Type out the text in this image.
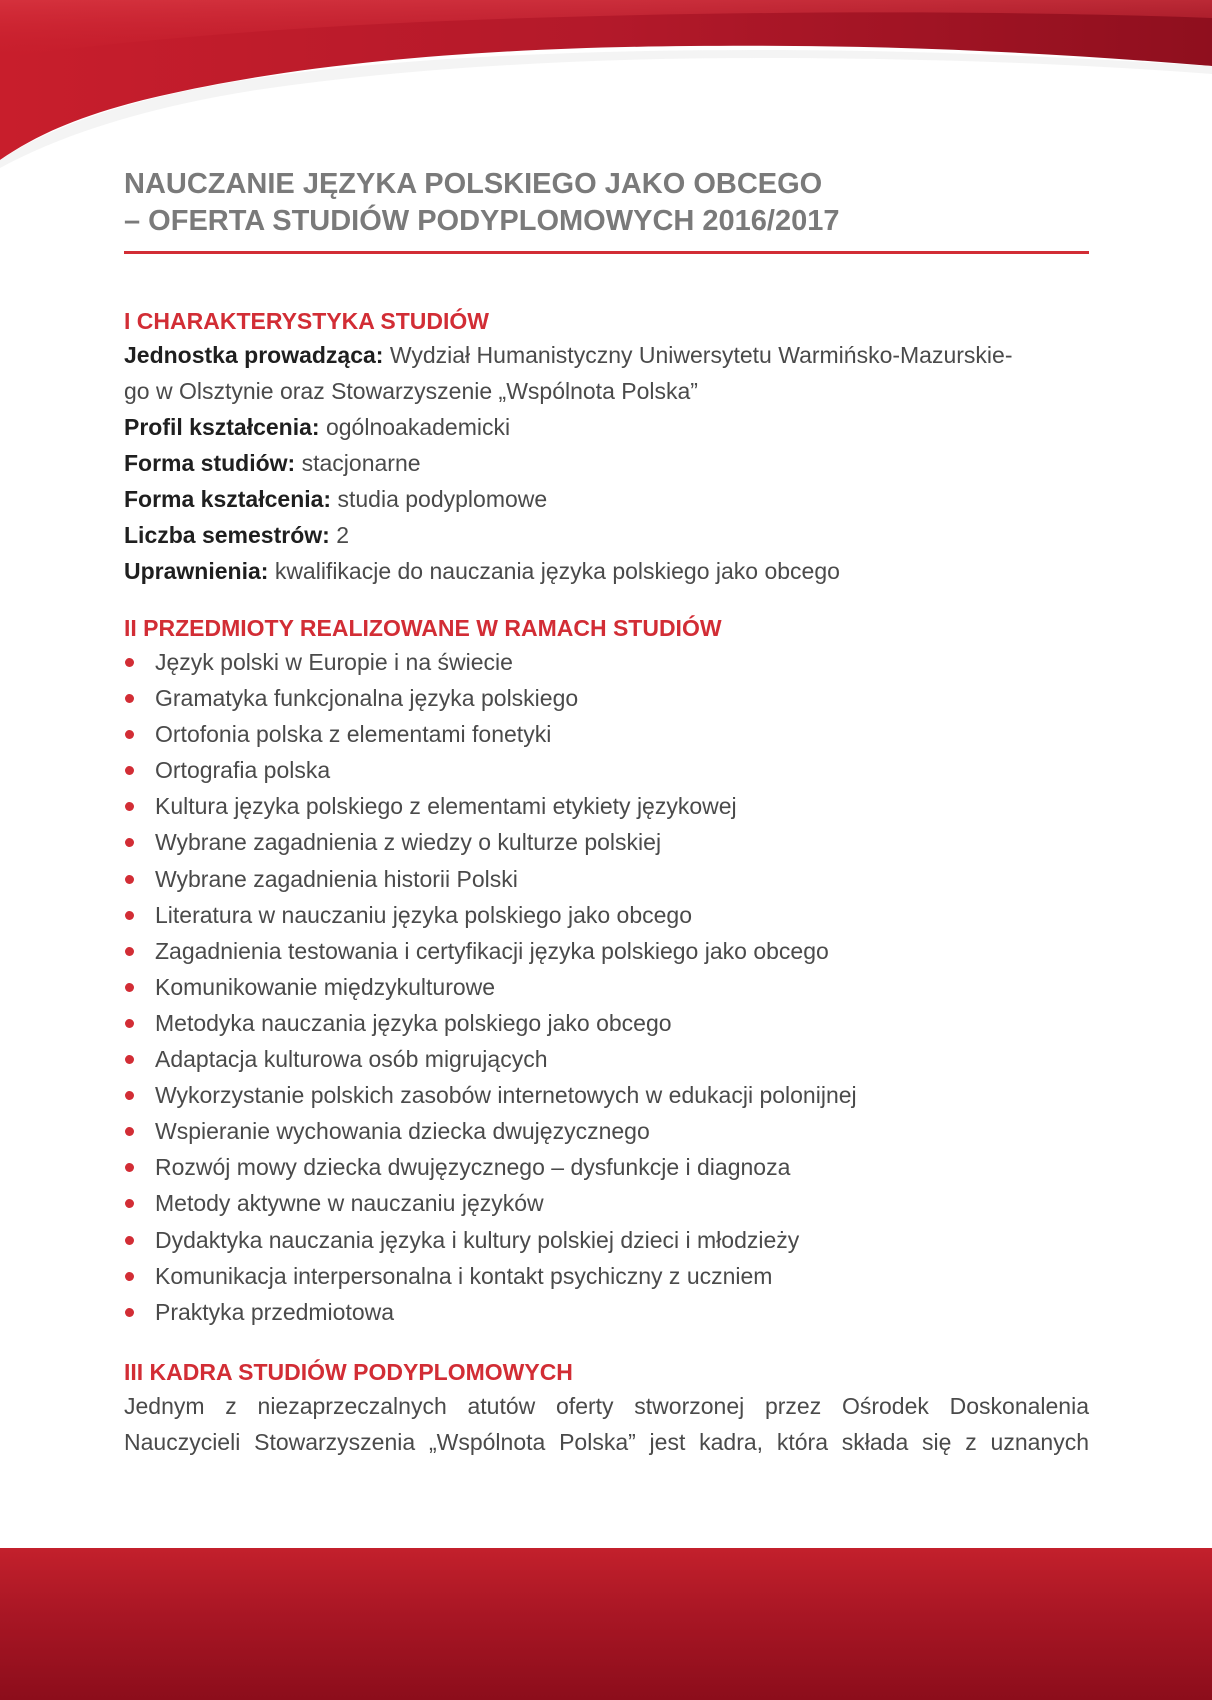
NAUCZANIE JĘZYKA POLSKIEGO JAKO OBCEGO
– OFERTA STUDIÓW PODYPLOMOWYCH 2016/2017
I CHARAKTERYSTYKA STUDIÓW
Jednostka prowadząca: Wydział Humanistyczny Uniwersytetu Warmińsko-Mazurskie-
go w Olsztynie oraz Stowarzyszenie „Wspólnota Polska”
Profil kształcenia: ogólnoakademicki
Forma studiów: stacjonarne
Forma kształcenia: studia podyplomowe
Liczba semestrów: 2
Uprawnienia: kwalifikacje do nauczania języka polskiego jako obcego
II PRZEDMIOTY REALIZOWANE W RAMACH STUDIÓW
Język polski w Europie i na świecie
Gramatyka funkcjonalna języka polskiego
Ortofonia polska z elementami fonetyki
Ortografia polska
Kultura języka polskiego z elementami etykiety językowej
Wybrane zagadnienia z wiedzy o kulturze polskiej
Wybrane zagadnienia historii Polski
Literatura w nauczaniu języka polskiego jako obcego
Zagadnienia testowania i certyfikacji języka polskiego jako obcego
Komunikowanie międzykulturowe
Metodyka nauczania języka polskiego jako obcego
Adaptacja kulturowa osób migrujących
Wykorzystanie polskich zasobów internetowych w edukacji polonijnej
Wspieranie wychowania dziecka dwujęzycznego
Rozwój mowy dziecka dwujęzycznego – dysfunkcje i diagnoza
Metody aktywne w nauczaniu języków
Dydaktyka nauczania języka i kultury polskiej dzieci i młodzieży
Komunikacja interpersonalna i kontakt psychiczny z uczniem
Praktyka przedmiotowa
III KADRA STUDIÓW PODYPLOMOWYCH

Jednym z niezaprzeczalnych atutów oferty stworzonej przez Ośrodek Doskonalenia

Nauczycieli Stowarzyszenia „Wspólnota Polska” jest kadra, która składa się z uznanych
